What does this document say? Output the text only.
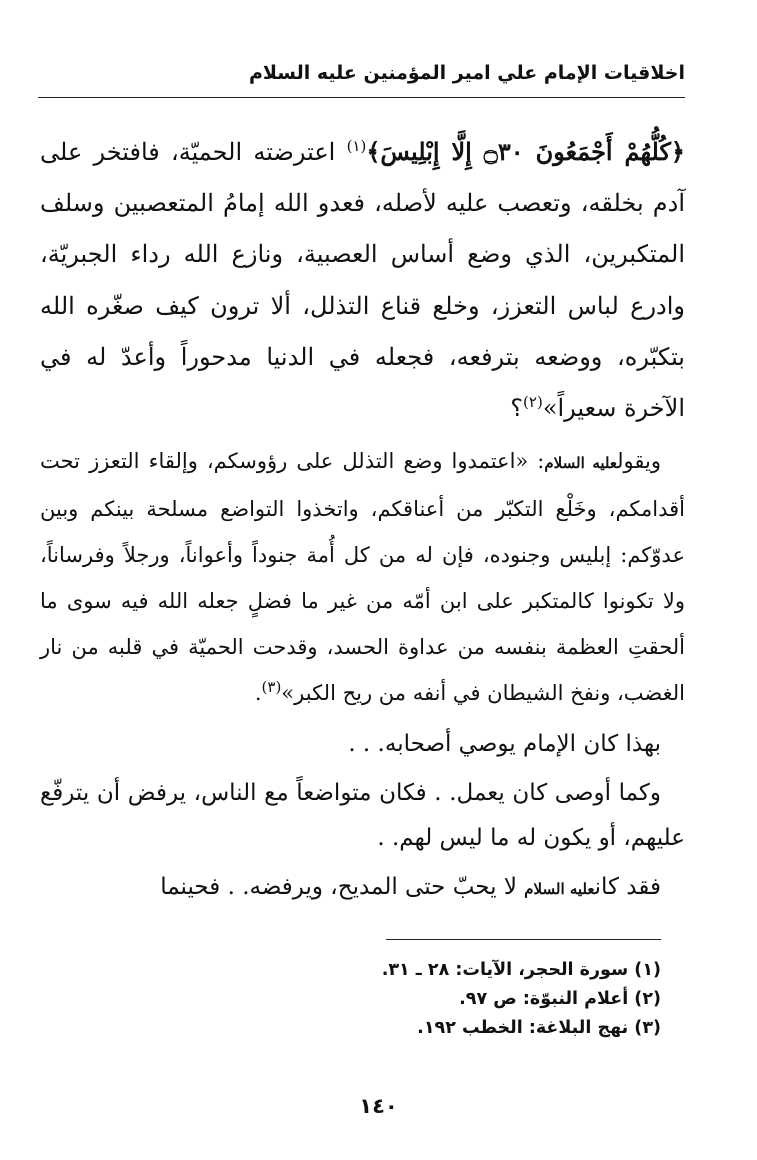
اخلاقيات الإمام علي امير المؤمنين عليه السلام

﴿كُلُّهُمْ أَجْمَعُونَ ۝٣٠ إِلَّا إِبْلِيسَ﴾$^{(١)}$ اعترضته الحميّة، فافتخر على آدم بخلقه، وتعصب عليه لأصله، فعدو الله إمامُ المتعصبين وسلف المتكبرين، الذي وضع أساس العصبية، ونازع الله رداء الجبريّة، وادرع لباس التعزز، وخلع قناع التذلل، ألا ترون كيف صغّره الله بتكبّره، ووضعه بترفعه، فجعله في الدنيا مدحوراً وأعدّ له في الآخرة سعيراً»$^{(٢)}$؟

ويقولعليه السلام: «اعتمدوا وضع التذلل على رؤوسكم، وإلقاء التعزز تحت أقدامكم، وخَلْع التكبّر من أعناقكم، واتخذوا التواضع مسلحة بينكم وبين عدوّكم: إبليس وجنوده، فإن له من كل أُمة جنوداً وأعواناً، ورجلاً وفرساناً، ولا تكونوا كالمتكبر على ابن أمّه من غير ما فضلٍ جعله الله فيه سوى ما ألحقتِ العظمة بنفسه من عداوة الحسد، وقدحت الحميّة في قلبه من نار الغضب، ونفخ الشيطان في أنفه من ريح الكبر»$^{(٣)}$.

بهذا كان الإمام يوصي أصحابه. . .

وكما أوصى كان يعمل. . فكان متواضعاً مع الناس، يرفض أن يترفّع عليهم، أو يكون له ما ليس لهم. .

فقد كانعليه السلام لا يحبّ حتى المديح، ويرفضه. . فحينما

(١) سورة الحجر، الآيات: ٢٨ ـ ٣١.
(٢) أعلام النبوّة: ص ٩٧.
(٣) نهج البلاغة: الخطب ١٩٢.
١٤٠
